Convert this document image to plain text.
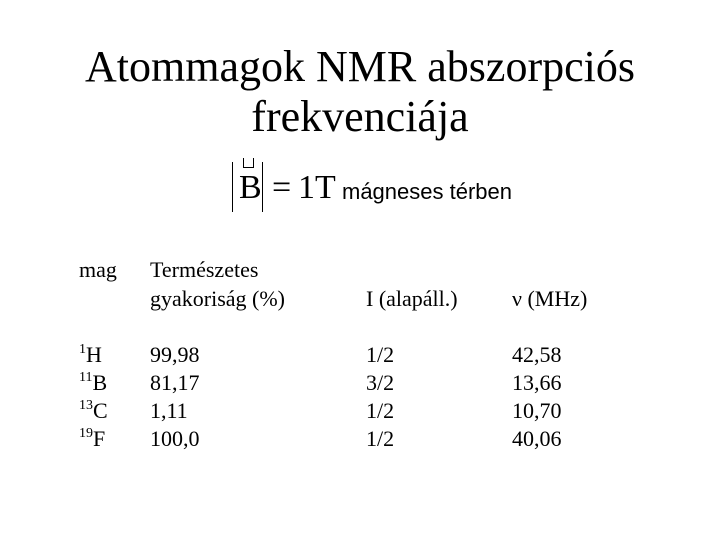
Atommagok NMR abszorpciós
frekvenciája
B = 1T mágneses térben
mag Természetes
gyakoriság (%)	I (alapáll.) ν (MHz)
$^1$H 99,98	1/2	42,58
$^{11}$B 81,17	3/2	13,66
$^{13}$C 1,11	1/2	10,70
$^{19}$F 100,0	1/2	40,06
